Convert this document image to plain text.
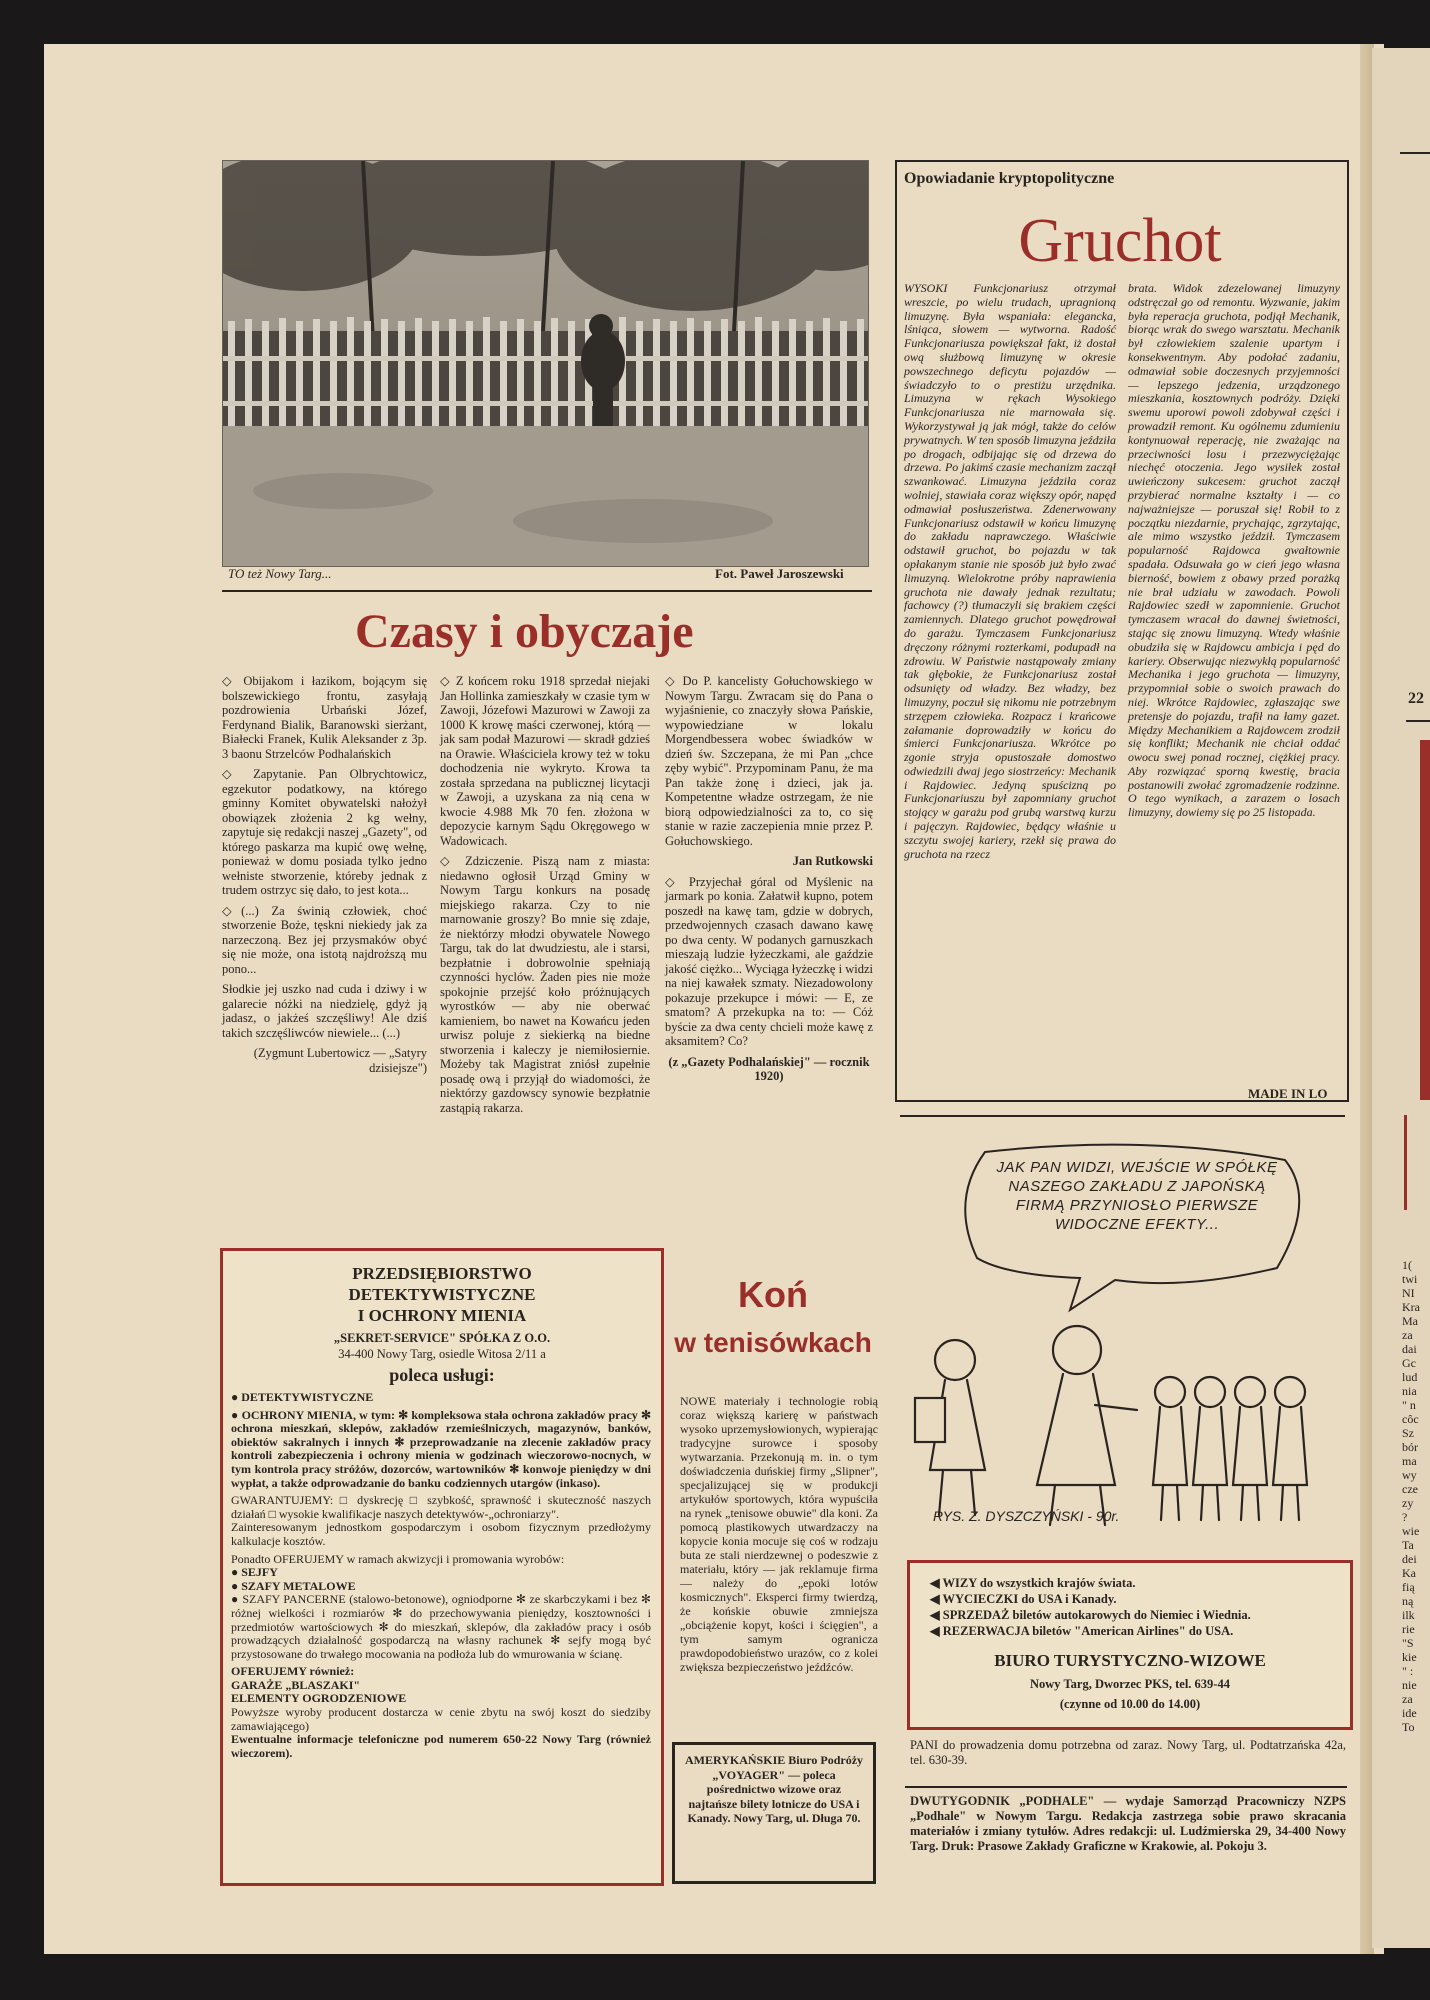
TO też Nowy Targ...	Fot. Paweł Jaroszewski
Czasy i obyczaje

◇ Obijakom i łazikom, bojącym się bolszewickiego frontu, zasyłają pozdrowienia Urbański Józef, Ferdynand Bialik, Baranowski sierżant, Białecki Franek, Kulik Aleksander z 3p. 3 baonu Strzelców Podhalańskich

◇ Zapytanie. Pan Olbrychtowicz, egzekutor podatkowy, na którego gminny Komitet obywatelski nałożył obowiązek złożenia 2 kg wełny, zapytuje się redakcji naszej „Gazety", od którego paskarza ma kupić owę wełnę, ponieważ w domu posiada tylko jedno wełniste stworzenie, któreby jednak z trudem ostrzyc się dało, to jest kota...

◇(...) Za świnią człowiek, choć stworzenie Boże, tęskni niekiedy jak za narzeczoną. Bez jej przysmaków obyć się nie może, ona istotą najdroższą mu pono...

Słodkie jej uszko nad cuda i dziwy i w galarecie nóżki na niedzielę, gdyż ją jadasz, o jakżeś szczęśliwy! Ale dziś takich szczęśliwców niewiele... (...)

(Zygmunt Lubertowicz — „Satyry dzisiejsze")

◇ Z końcem roku 1918 sprzedał niejaki Jan Hollinka zamieszkały w czasie tym w Zawoji, Józefowi Mazurowi w Zawoji za 1000 K krowę maści czerwonej, którą — jak sam podał Mazurowi — skradł gdzieś na Orawie. Właściciela krowy też w toku dochodzenia nie wykryto. Krowa ta została sprzedana na publicznej licytacji w Zawoji, a uzyskana za nią cena w kwocie 4.988 Mk 70 fen. złożona w depozycie karnym Sądu Okręgowego w Wadowicach.

◇ Zdziczenie. Piszą nam z miasta: niedawno ogłosił Urząd Gminy w Nowym Targu konkurs na posadę miejskiego rakarza. Czy to nie marnowanie groszy? Bo mnie się zdaje, że niektórzy młodzi obywatele Nowego Targu, tak do lat dwudziestu, ale i starsi, bezpłatnie i dobrowolnie spełniają czynności hyclów. Żaden pies nie może spokojnie przejść koło próżnujących wyrostków — aby nie oberwać kamieniem, bo nawet na Kowańcu jeden urwisz poluje z siekierką na biedne stworzenia i kaleczy je niemiłosiernie. Możeby tak Magistrat zniósł zupełnie posadę ową i przyjął do wiadomości, że niektórzy gazdowscy synowie bezpłatnie zastąpią rakarza.

◇ Do P. kancelisty Gołuchowskiego w Nowym Targu. Zwracam się do Pana o wyjaśnienie, co znaczyły słowa Pańskie, wypowiedziane w lokalu Morgendbessera wobec świadków w dzień św. Szczepana, że mi Pan „chce zęby wybić". Przypominam Panu, że ma Pan także żonę i dzieci, jak ja. Kompetentne władze ostrzegam, że nie biorą odpowiedzialności za to, co się stanie w razie zaczepienia mnie przez P. Gołuchowskiego.

Jan Rutkowski

◇ Przyjechał góral od Myślenic na jarmark po konia. Załatwił kupno, potem poszedł na kawę tam, gdzie w dobrych, przedwojennych czasach dawano kawę po dwa centy. W podanych garnuszkach mieszają ludzie łyżeczkami, ale gaździe jakość ciężko... Wyciąga łyżeczkę i widzi na niej kawałek szmaty. Niezadowolony pokazuje przekupce i mówi: — E, ze smatom? A przekupka na to: — Cóż byście za dwa centy chcieli może kawę z aksamitem? Co?

(z „Gazety Podhalańskiej" — rocznik 1920)

Opowiadanie kryptopolityczne
Gruchot
WYSOKI Funkcjonariusz otrzymał wreszcie, po wielu trudach, upragnioną limuzynę. Była wspaniała: elegancka, lśniąca, słowem — wytworna. Radość Funkcjonariusza powiększał fakt, iż dostał ową służbową limuzynę w okresie powszechnego deficytu pojazdów — świadczyło to o prestiżu urzędnika. Limuzyna w rękach Wysokiego Funkcjonariusza nie marnowała się. Wykorzystywał ją jak mógł, także do celów prywatnych. W ten sposób limuzyna jeździła po drogach, odbijając się od drzewa do drzewa. Po jakimś czasie mechanizm zaczął szwankować. Limuzyna jeździła coraz wolniej, stawiała coraz większy opór, napęd odmawiał posłuszeństwa. Zdenerwowany Funkcjonariusz odstawił w końcu limuzynę do zakładu naprawczego. Właściwie odstawił gruchot, bo pojazdu w tak opłakanym stanie nie sposób już było zwać limuzyną. Wielokrotne próby naprawienia gruchota nie dawały jednak rezultatu; fachowcy (?) tłumaczyli się brakiem części zamiennych. Dlatego gruchot powędrował do garażu. Tymczasem Funkcjonariusz dręczony różnymi rozterkami, podupadł na zdrowiu. W Państwie nastąpowały zmiany tak głębokie, że Funkcjonariusz został odsunięty od władzy. Bez władzy, bez limuzyny, poczuł się nikomu nie potrzebnym strzępem człowieka. Rozpacz i krańcowe załamanie doprowadziły w końcu do śmierci Funkcjonariusza. Wkrótce po zgonie stryja opustoszałe domostwo odwiedzili dwaj jego siostrzeńcy: Mechanik i Rajdowiec. Jedyną spuścizną po Funkcjonariuszu był zapomniany gruchot stojący w garażu pod grubą warstwą kurzu i pajęczyn. Rajdowiec, będący właśnie u szczytu swojej kariery, rzekł się prawa do gruchota na rzecz
brata. Widok zdezelowanej limuzyny odstręczał go od remontu. Wyzwanie, jakim była reperacja gruchota, podjął Mechanik, biorąc wrak do swego warsztatu. Mechanik był człowiekiem szalenie upartym i konsekwentnym. Aby podołać zadaniu, odmawiał sobie doczesnych przyjemności — lepszego jedzenia, urządzonego mieszkania, kosztownych podróży. Dzięki swemu uporowi powoli zdobywał części i prowadził remont. Ku ogólnemu zdumieniu kontynuował reperację, nie zważając na przeciwności losu i przezwyciężając niechęć otoczenia. Jego wysiłek został uwieńczony sukcesem: gruchot zaczął przybierać normalne kształty i — co najważniejsze — poruszał się! Robił to z początku niezdarnie, prychając, zgrzytając, ale mimo wszystko jeździł. Tymczasem popularność Rajdowca gwałtownie spadała. Odsuwała go w cień jego własna bierność, bowiem z obawy przed porażką nie brał udziału w zawodach. Powoli Rajdowiec szedł w zapomnienie. Gruchot tymczasem wracał do dawnej świetności, stając się znowu limuzyną. Wtedy właśnie obudziła się w Rajdowcu ambicja i pęd do kariery. Obserwując niezwykłą popularność Mechanika i jego gruchota — limuzyny, przypomniał sobie o swoich prawach do niej. Wkrótce Rajdowiec, zgłaszając swe pretensje do pojazdu, trafił na łamy gazet. Między Mechanikiem a Rajdowcem zrodził się konflikt; Mechanik nie chciał oddać owocu swej ponad rocznej, ciężkiej pracy. Aby rozwiązać sporną kwestię, bracia postanowili zwołać zgromadzenie rodzinne. O tego wynikach, a zarazem o losach limuzyny, dowiemy się po 25 listopada.
MADE IN LO
JAK PAN WIDZI, WEJŚCIE W SPÓŁKĘ NASZEGO ZAKŁADU Z JAPOŃSKĄ FIRMĄ PRZYNIOSŁO PIERWSZE WIDOCZNE EFEKTY...
RYS. Z. DYSZCZYŃSKI - 90r.
PRZEDSIĘBIORSTWO
DETEKTYWISTYCZNE
I OCHRONY MIENIA
„SEKRET-SERVICE" SPÓŁKA Z O.O.
34-400 Nowy Targ, osiedle Witosa 2/11 a
poleca usługi:
● DETEKTYWISTYCZNE
● OCHRONY MIENIA, w tym: ✻ kompleksowa stała ochrona zakładów pracy ✻ ochrona mieszkań, sklepów, zakładów rzemieślniczych, magazynów, banków, obiektów sakralnych i innych ✻ przeprowadzanie na zlecenie zakładów pracy kontroli zabezpieczenia i ochrony mienia w godzinach wieczorowo-nocnych, w tym kontrola pracy stróżów, dozorców, wartowników ✻ konwoje pieniędzy w dni wypłat, a także odprowadzanie do banku codziennych utargów (inkaso).
GWARANTUJEMY: □ dyskrecję □ szybkość, sprawność i skuteczność naszych działań □ wysokie kwalifikacje naszych detektywów-„ochroniarzy".
Zainteresowanym jednostkom gospodarczym i osobom fizycznym przedłożymy kalkulacje kosztów.
Ponadto OFERUJEMY w ramach akwizycji i promowania wyrobów:
● SEJFY
● SZAFY METALOWE
● SZAFY PANCERNE (stalowo-betonowe), ogniodporne ✻ ze skarbczykami i bez ✻ różnej wielkości i rozmiarów ✻ do przechowywania pieniędzy, kosztowności i przedmiotów wartościowych ✻ do mieszkań, sklepów, dla zakładów pracy i osób prowadzących działalność gospodarczą na własny rachunek ✻ sejfy mogą być przystosowane do trwałego mocowania na podłoża lub do wmurowania w ścianę.
OFERUJEMY również:
GARAŻE „BLASZAKI"
ELEMENTY OGRODZENIOWE
Powyższe wyroby producent dostarcza w cenie zbytu na swój koszt do siedziby zamawiającego)
Ewentualne informacje telefoniczne pod numerem 650-22 Nowy Targ (również wieczorem).
Koń
w tenisówkach
NOWE materiały i technologie robią coraz większą karierę w państwach wysoko uprzemysłowionych, wypierając tradycyjne surowce i sposoby wytwarzania. Przekonują m. in. o tym doświadczenia duńskiej firmy „Slipner", specjalizującej się w produkcji artykułów sportowych, która wypuściła na rynek „tenisowe obuwie" dla koni. Za pomocą plastikowych utwardzaczy na kopycie konia mocuje się coś w rodzaju buta ze stali nierdzewnej o podeszwie z materiału, który — jak reklamuje firma — należy do „epoki lotów kosmicznych". Eksperci firmy twierdzą, że końskie obuwie zmniejsza „obciążenie kopyt, kości i ścięgien", a tym samym ogranicza prawdopodobieństwo urazów, co z kolei zwiększa bezpieczeństwo jeźdźców.
AMERYKAŃSKIE Biuro Podróży „VOYAGER" — poleca pośrednictwo wizowe oraz najtańsze bilety lotnicze do USA i Kanady. Nowy Targ, ul. Długa 70.
◀ WIZY do wszystkich krajów świata.
◀ WYCIECZKI do USA i Kanady.
◀ SPRZEDAŻ biletów autokarowych do Niemiec i Wiednia.
◀ REZERWACJA biletów "American Airlines" do USA.
BIURO TURYSTYCZNO-WIZOWE
Nowy Targ, Dworzec PKS, tel. 639-44
(czynne od 10.00 do 14.00)
PANI do prowadzenia domu potrzebna od zaraz. Nowy Targ, ul. Podtatrzańska 42a, tel. 630-39.
DWUTYGODNIK „PODHALE" — wydaje Samorząd Pracowniczy NZPS „Podhale" w Nowym Targu. Redakcja zastrzega sobie prawo skracania materiałów i zmiany tytułów. Adres redakcji: ul. Ludźmierska 29, 34-400 Nowy Targ. Druk: Prasowe Zakłady Graficzne w Krakowie, al. Pokoju 3.
22
1(
twi
NI
Kra
Ma
za
dai
Gc
lud
nia
" n
côc
Sz
bór
ma
wy
cze
zy
?
wie
Ta
dei
Ka
fią
ną
ilk
rie
"S
kie
" :
nie
za
ide
To
